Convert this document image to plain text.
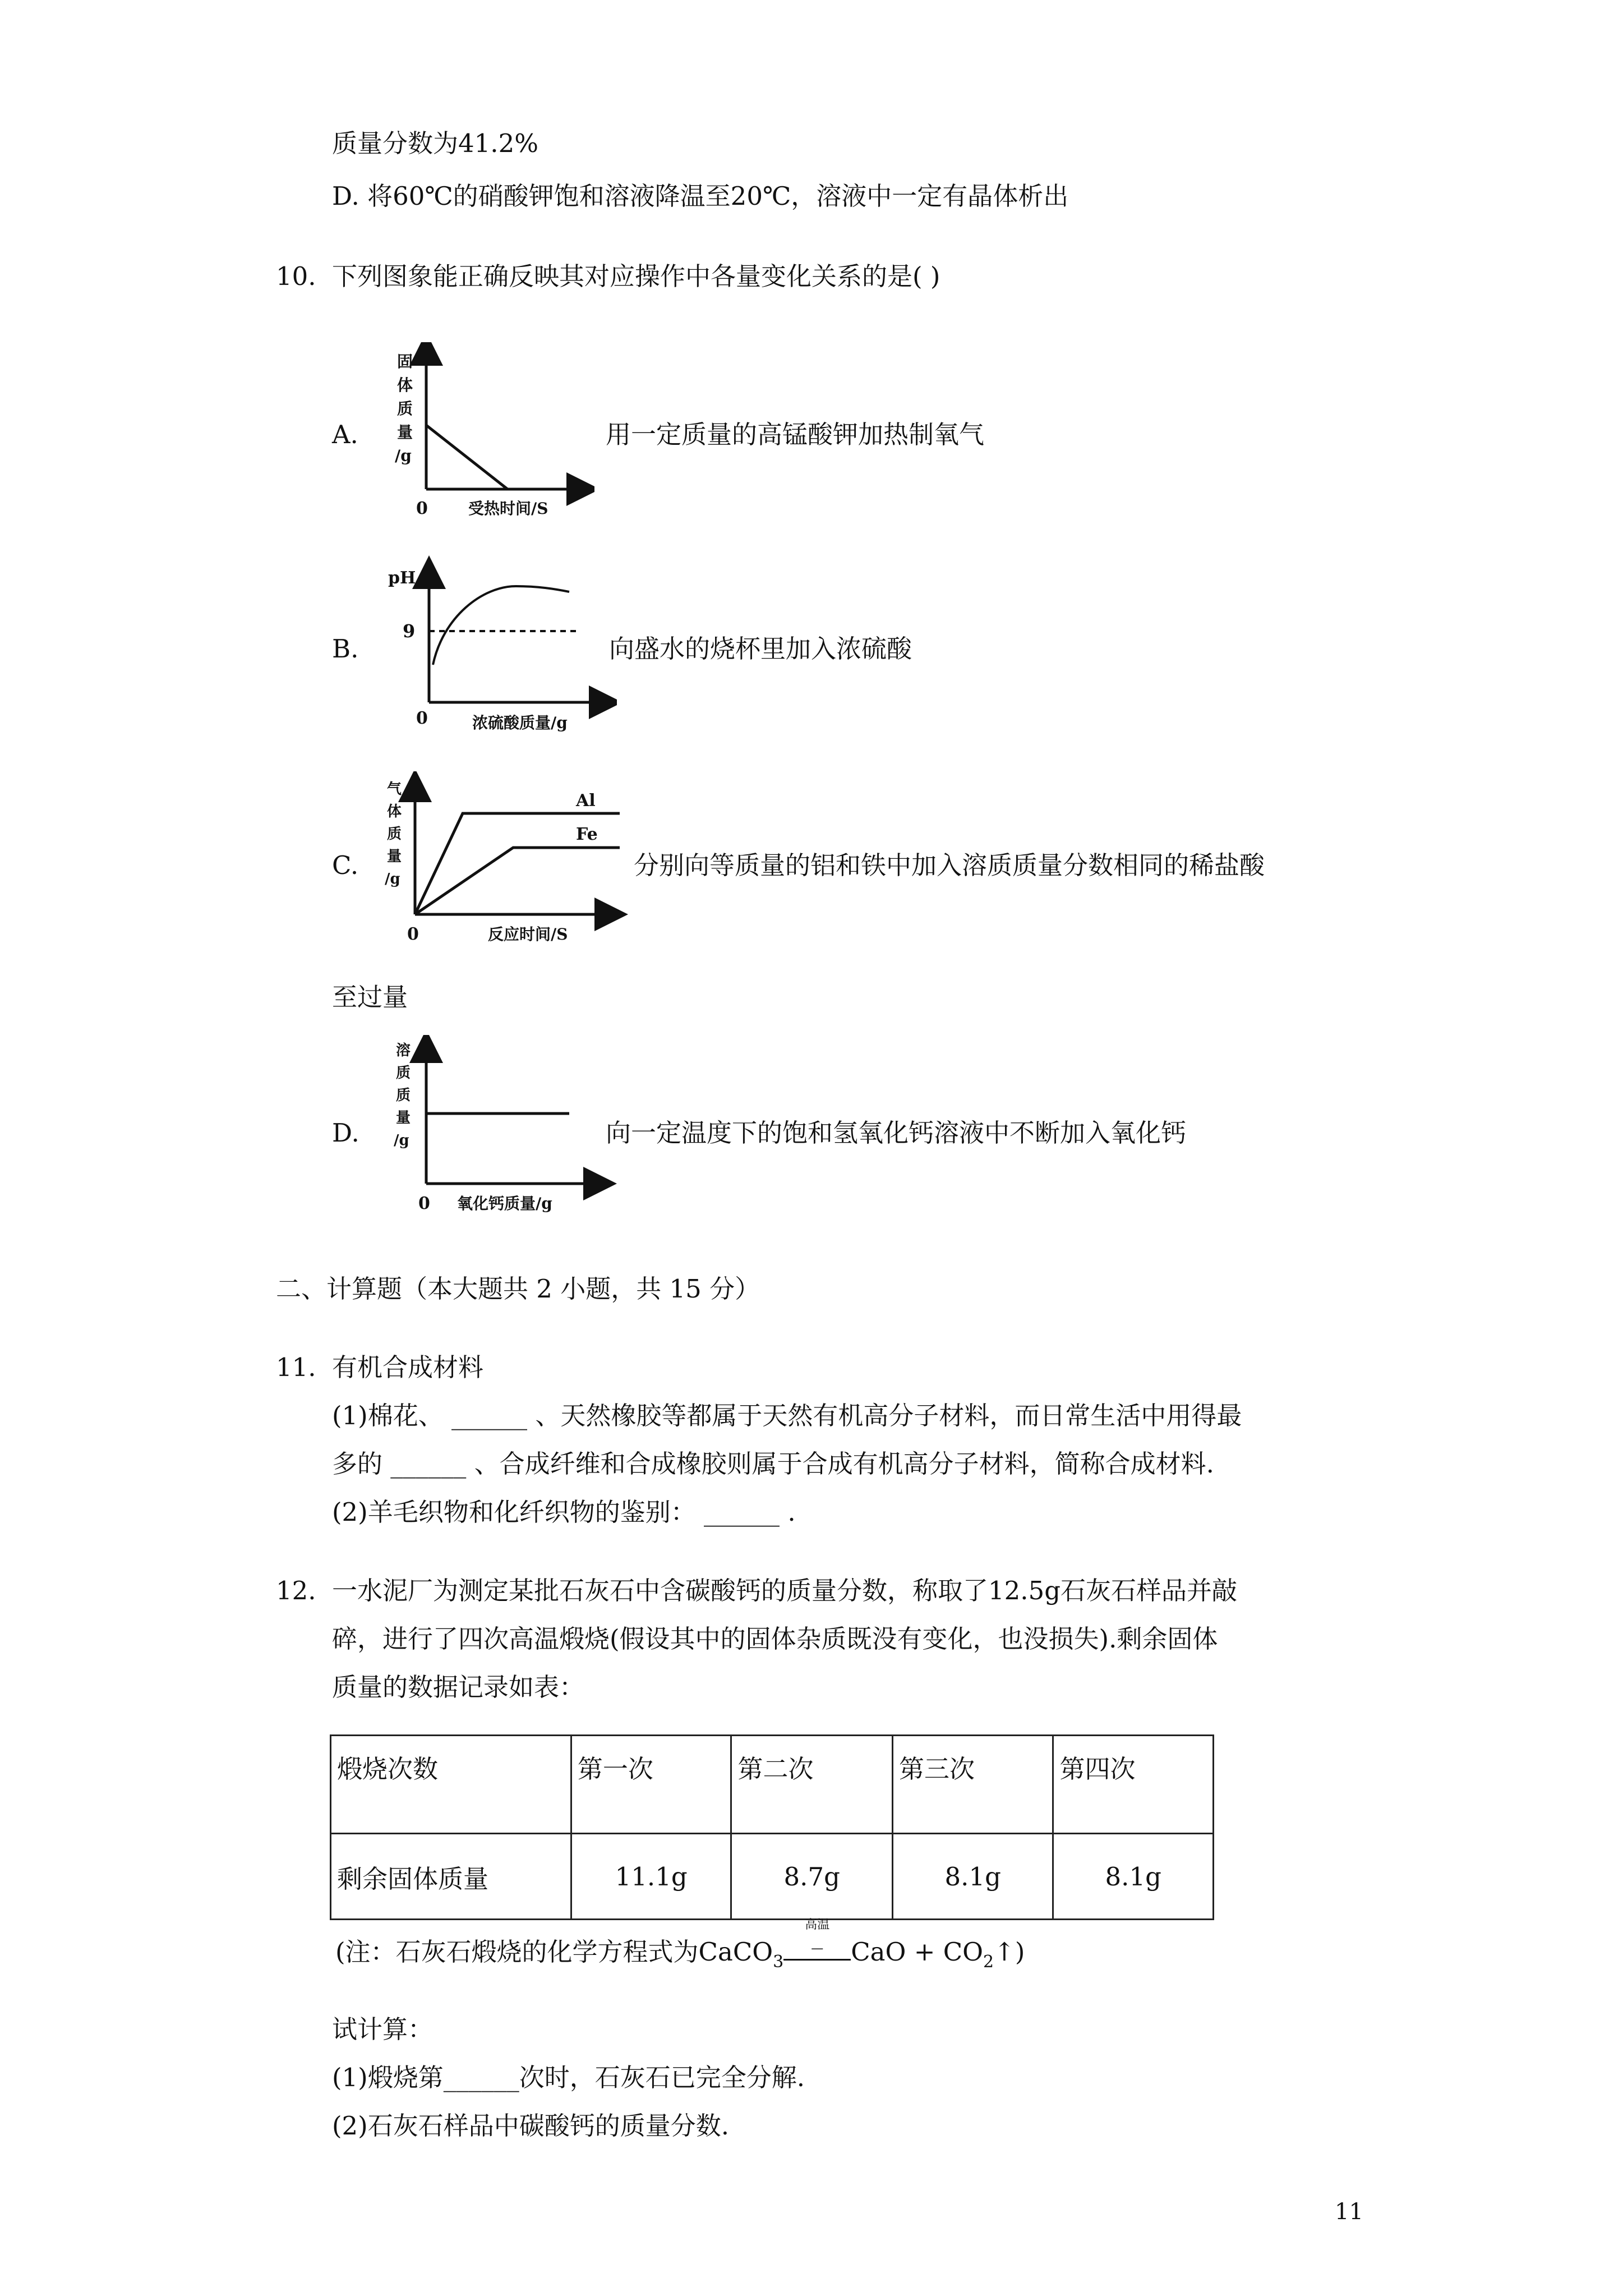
质量分数为41.2%
D. 将60℃的硝酸钾饱和溶液降温至20℃，溶液中一定有晶体析出
10. 下列图象能正确反映其对应操作中各量变化关系的是( )
A.	用一定质量的高锰酸钾加热制氧气
固
体
质
量
/g
0	受热时间/S
B.	向盛水的烧杯里加入浓硫酸
pH
9
0	浓硫酸质量/g
C.	分别向等质量的铝和铁中加入溶质质量分数相同的稀盐酸
至过量
气
体
质
量
/g
Al
Fe
0	反应时间/S
D.	向一定温度下的饱和氢氧化钙溶液中不断加入氧化钙
溶
质
质
量
/g
0 氧化钙质量/g
二、计算题（本大题共 2 小题，共 15 分）
11. 有机合成材料
(1)棉花、 ______ 、天然橡胶等都属于天然有机高分子材料，而日常生活中用得最
多的 ______ 、合成纤维和合成橡胶则属于合成有机高分子材料，简称合成材料.
(2)羊毛织物和化纤织物的鉴别： ______ .
12. 一水泥厂为测定某批石灰石中含碳酸钙的质量分数，称取了12.5g石灰石样品并敲
碎，进行了四次高温煅烧(假设其中的固体杂质既没有变化，也没损失).剩余固体
质量的数据记录如表：
煅烧次数	第一次	第二次	第三次	第四次
剩余固体质量	11.1g	8.7g	8.1g	8.1g
(注：石灰石煅烧的化学方程式为CaCO$_3$
高温
—	CaO + $CO_2↑$)
试计算：
(1)煅烧第______次时，石灰石已完全分解.
(2)石灰石样品中碳酸钙的质量分数.
11
